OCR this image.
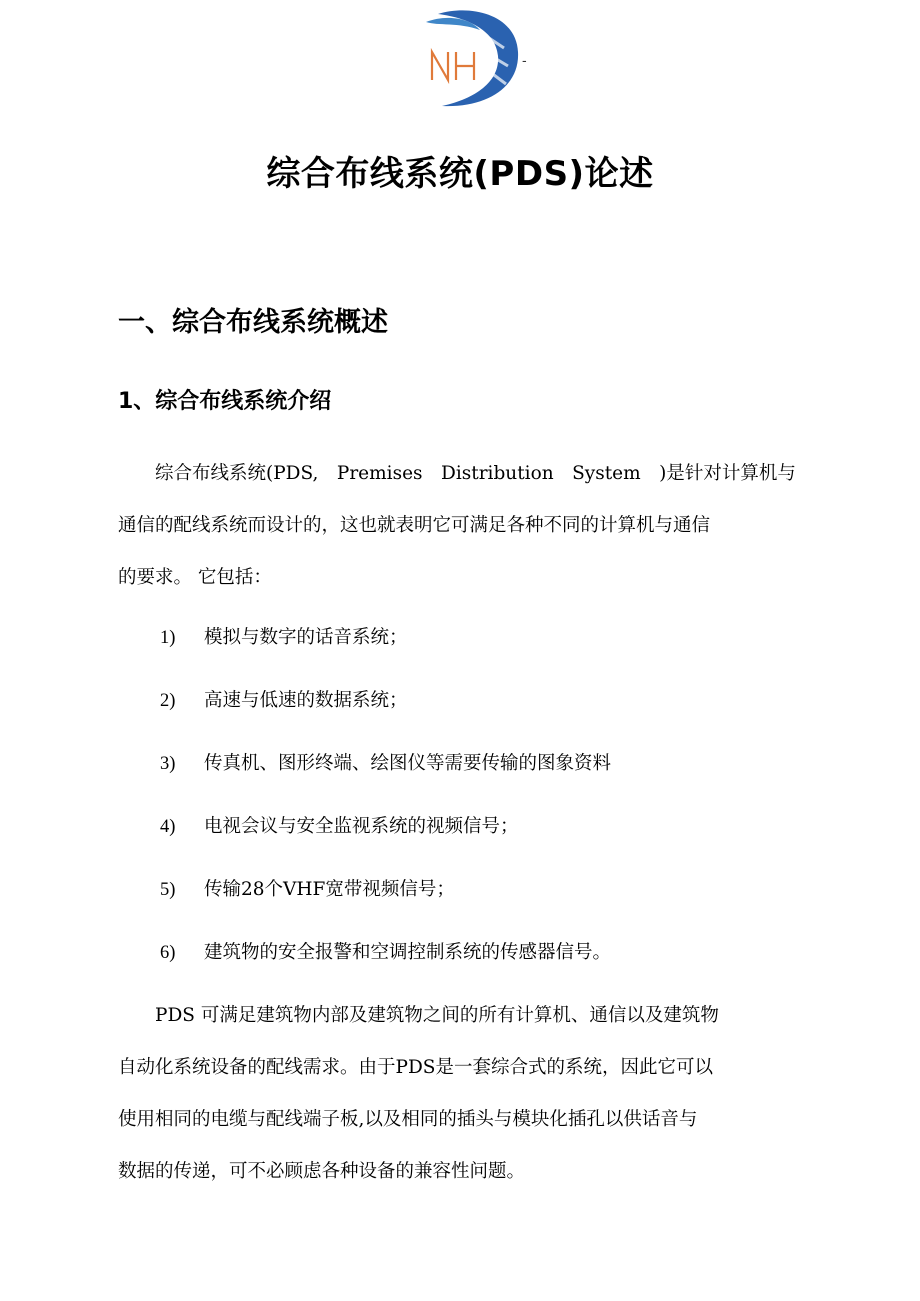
-
综合布线系统(PDS)论述
一、综合布线系统概述
1、综合布线系统介绍
　　综合布线系统(PDS,　Premises　Distribution　System　)是针对计算机与
通信的配线系统而设计的，这也就表明它可满足各种不同的计算机与通信
的要求。 它包括：
1) 模拟与数字的话音系统；
2) 高速与低速的数据系统；
3) 传真机、图形终端、绘图仪等需要传输的图象资料
4) 电视会议与安全监视系统的视频信号；
5) 传输28个VHF宽带视频信号；
6) 建筑物的安全报警和空调控制系统的传感器信号。
　　PDS 可满足建筑物内部及建筑物之间的所有计算机、通信以及建筑物
自动化系统设备的配线需求。由于PDS是一套综合式的系统，因此它可以
使用相同的电缆与配线端子板,以及相同的插头与模块化插孔以供话音与
数据的传递，可不必顾虑各种设备的兼容性问题。
